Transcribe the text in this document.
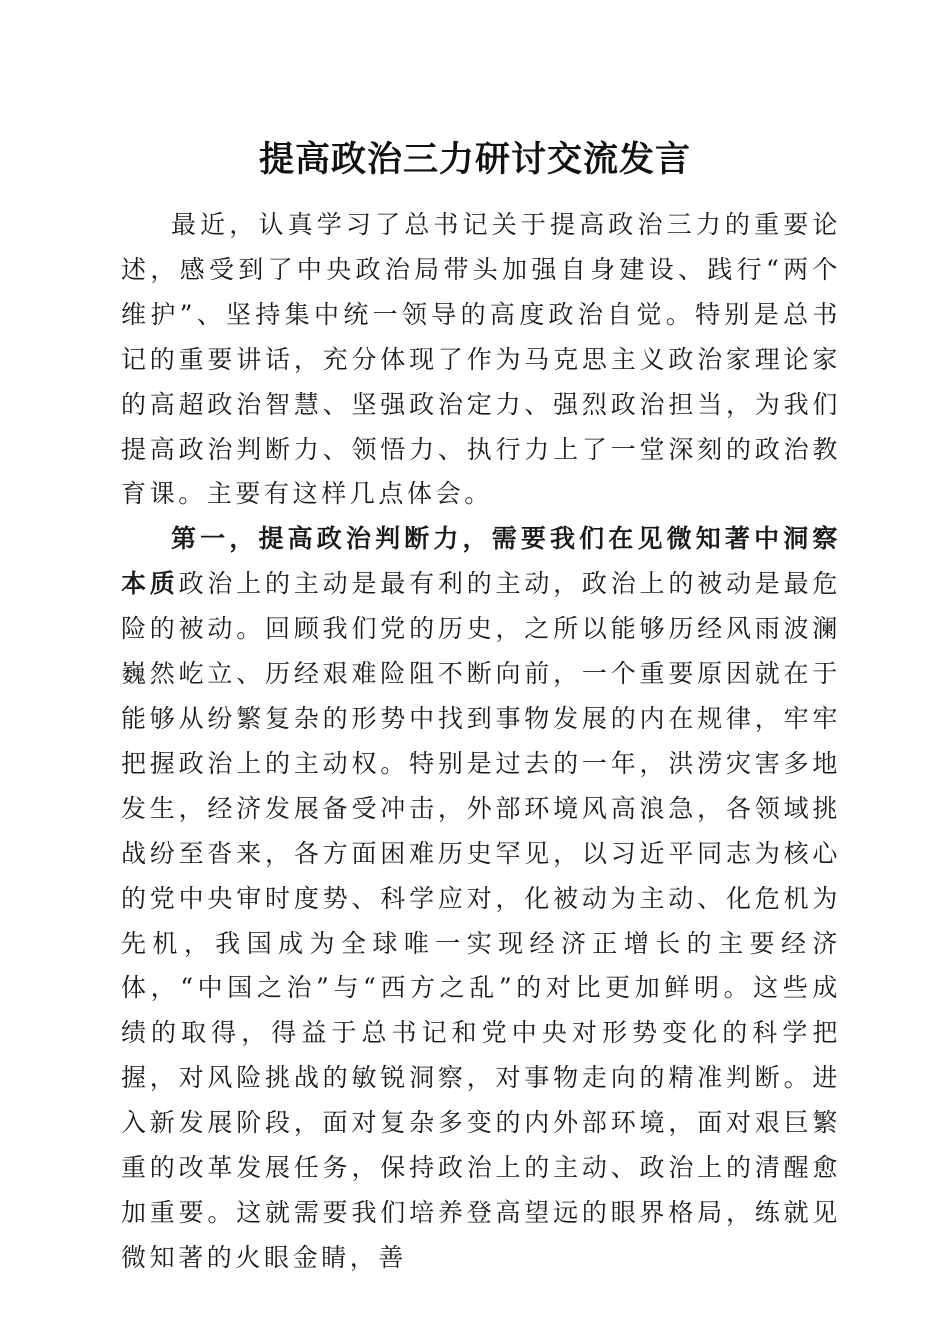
提高政治三力研讨交流发言

最近，认真学习了总书记关于提高政治三力的重要论述，感受到了中央政治局带头加强自身建设、践行“两个维护”、坚持集中统一领导的高度政治自觉。特别是总书记的重要讲话，充分体现了作为马克思主义政治家理论家的高超政治智慧、坚强政治定力、强烈政治担当，为我们提高政治判断力、领悟力、执行力上了一堂深刻的政治教育课。主要有这样几点体会。

第一，提高政治判断力，需要我们在见微知著中洞察本质政治上的主动是最有利的主动，政治上的被动是最危险的被动。回顾我们党的历史，之所以能够历经风雨波澜巍然屹立、历经艰难险阻不断向前，一个重要原因就在于能够从纷繁复杂的形势中找到事物发展的内在规律，牢牢把握政治上的主动权。特别是过去的一年，洪涝灾害多地发生，经济发展备受冲击，外部环境风高浪急，各领域挑战纷至沓来，各方面困难历史罕见，以习近平同志为核心的党中央审时度势、科学应对，化被动为主动、化危机为先机，我国成为全球唯一实现经济正增长的主要经济体，“中国之治”与“西方之乱”的对比更加鲜明。这些成绩的取得，得益于总书记和党中央对形势变化的科学把握，对风险挑战的敏锐洞察，对事物走向的精准判断。进入新发展阶段，面对复杂多变的内外部环境，面对艰巨繁重的改革发展任务，保持政治上的主动、政治上的清醒愈加重要。这就需要我们培养登高望远的眼界格局，练就见微知著的火眼金睛，善
